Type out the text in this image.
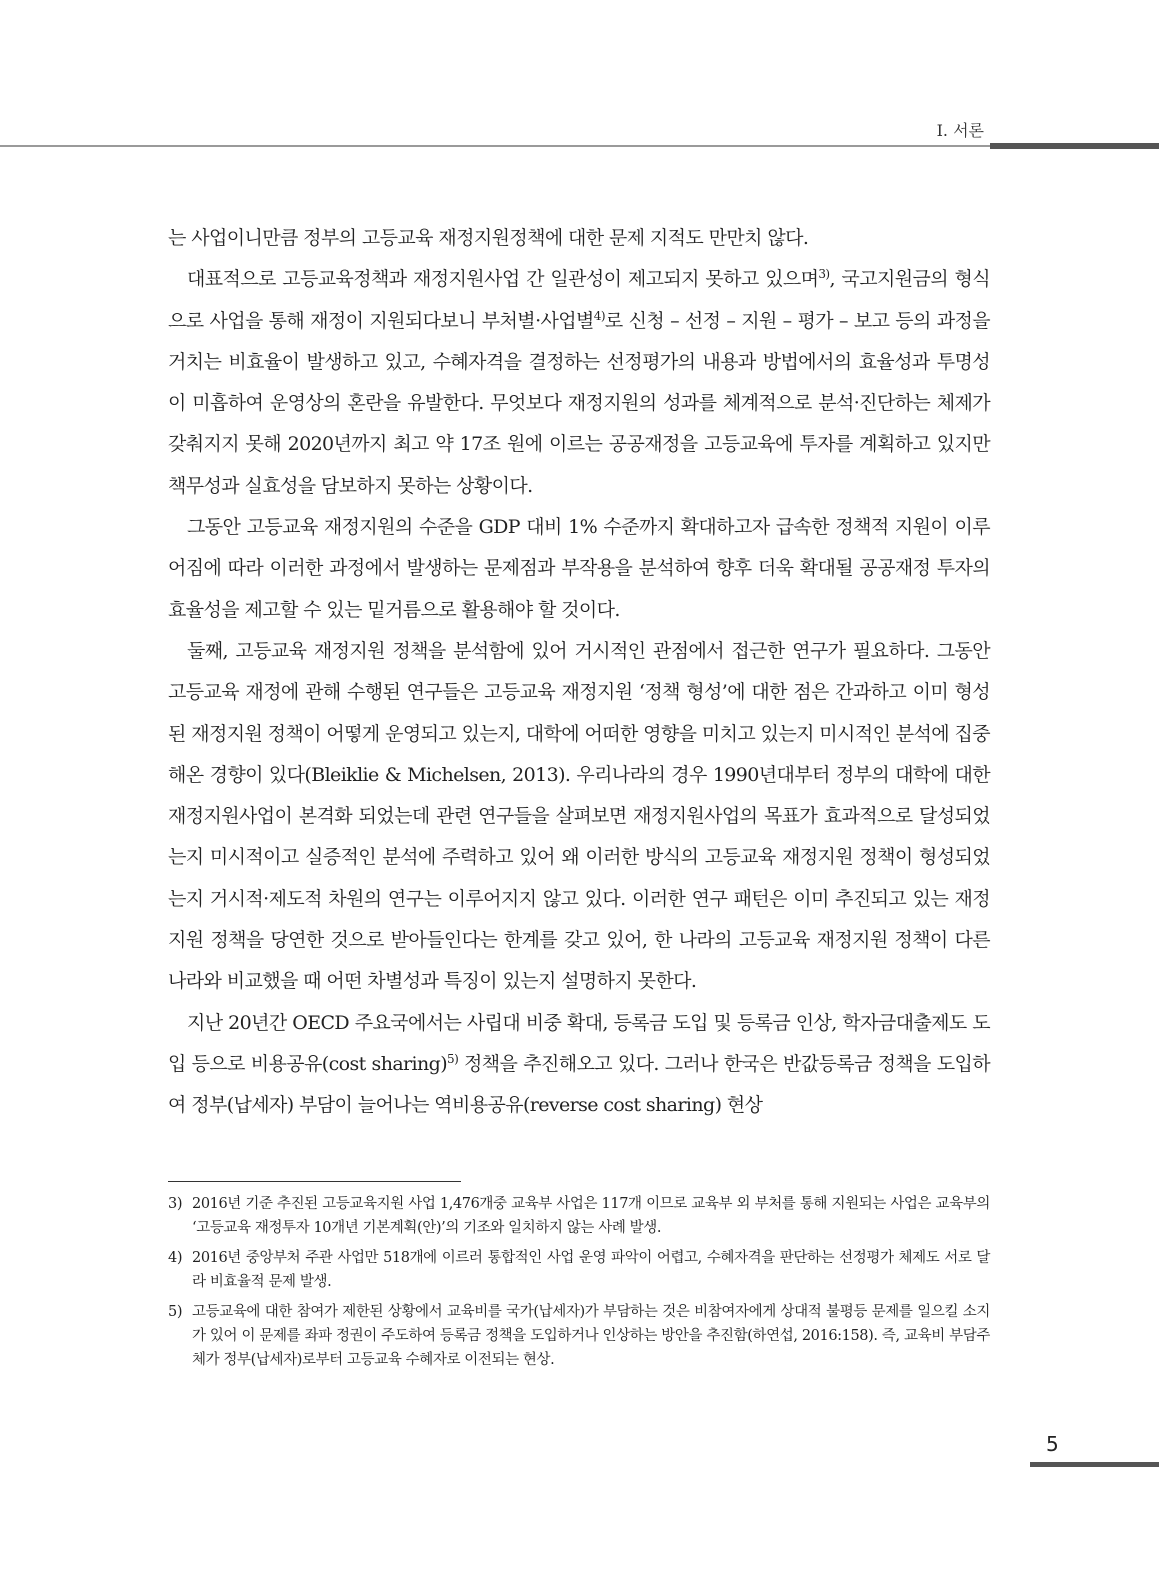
Ⅰ. 서론

는 사업이니만큼 정부의 고등교육 재정지원정책에 대한 문제 지적도 만만치 않다.

대표적으로 고등교육정책과 재정지원사업 간 일관성이 제고되지 못하고 있으며$^{3)}$, 국고지원금의 형식으로 사업을 통해 재정이 지원되다보니 부처별·사업별$^{4)}$로 신청 – 선정 – 지원 – 평가 – 보고 등의 과정을 거치는 비효율이 발생하고 있고, 수혜자격을 결정하는 선정평가의 내용과 방법에서의 효율성과 투명성이 미흡하여 운영상의 혼란을 유발한다. 무엇보다 재정지원의 성과를 체계적으로 분석·진단하는 체제가 갖춰지지 못해 2020년까지 최고 약 17조 원에 이르는 공공재정을 고등교육에 투자를 계획하고 있지만 책무성과 실효성을 담보하지 못하는 상황이다.

그동안 고등교육 재정지원의 수준을 GDP 대비 1% 수준까지 확대하고자 급속한 정책적 지원이 이루어짐에 따라 이러한 과정에서 발생하는 문제점과 부작용을 분석하여 향후 더욱 확대될 공공재정 투자의 효율성을 제고할 수 있는 밑거름으로 활용해야 할 것이다.

둘째, 고등교육 재정지원 정책을 분석함에 있어 거시적인 관점에서 접근한 연구가 필요하다. 그동안 고등교육 재정에 관해 수행된 연구들은 고등교육 재정지원 ‘정책 형성’에 대한 점은 간과하고 이미 형성된 재정지원 정책이 어떻게 운영되고 있는지, 대학에 어떠한 영향을 미치고 있는지 미시적인 분석에 집중해온 경향이 있다(Bleiklie & Michelsen, 2013). 우리나라의 경우 1990년대부터 정부의 대학에 대한 재정지원사업이 본격화 되었는데 관련 연구들을 살펴보면 재정지원사업의 목표가 효과적으로 달성되었는지 미시적이고 실증적인 분석에 주력하고 있어 왜 이러한 방식의 고등교육 재정지원 정책이 형성되었는지 거시적·제도적 차원의 연구는 이루어지지 않고 있다. 이러한 연구 패턴은 이미 추진되고 있는 재정지원 정책을 당연한 것으로 받아들인다는 한계를 갖고 있어, 한 나라의 고등교육 재정지원 정책이 다른 나라와 비교했을 때 어떤 차별성과 특징이 있는지 설명하지 못한다.

지난 20년간 OECD 주요국에서는 사립대 비중 확대, 등록금 도입 및 등록금 인상, 학자금대출제도 도입 등으로 비용공유(cost sharing)$^{5)}$ 정책을 추진해오고 있다. 그러나 한국은 반값등록금 정책을 도입하여 정부(납세자) 부담이 늘어나는 역비용공유(reverse cost sharing) 현상

3) 2016년 기준 추진된 고등교육지원 사업 1,476개중 교육부 사업은 117개 이므로 교육부 외 부처를 통해 지원되는 사업은 교육부의 ‘고등교육 재정투자 10개년 기본계획(안)’의 기조와 일치하지 않는 사례 발생.
4) 2016년 중앙부처 주관 사업만 518개에 이르러 통합적인 사업 운영 파악이 어렵고, 수혜자격을 판단하는 선정평가 체제도 서로 달라 비효율적 문제 발생.
5) 고등교육에 대한 참여가 제한된 상황에서 교육비를 국가(납세자)가 부담하는 것은 비참여자에게 상대적 불평등 문제를 일으킬 소지가 있어 이 문제를 좌파 정권이 주도하여 등록금 정책을 도입하거나 인상하는 방안을 추진함(하연섭, 2016:158). 즉, 교육비 부담주체가 정부(납세자)로부터 고등교육 수혜자로 이전되는 현상.
5
